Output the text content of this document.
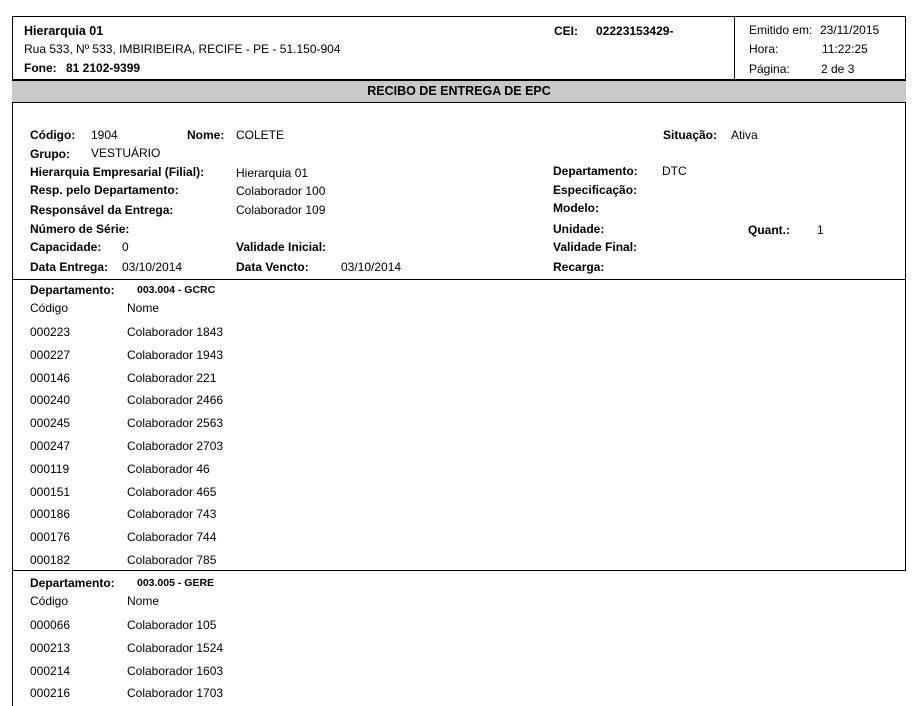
Hierarquia 01
Rua 533, Nº 533, IMBIRIBEIRA, RECIFE - PE - 51.150-904
Fone: 81 2102-9399
CEI: 02223153429-	Emitido em: 23/11/2015
Hora:	11:22:25
Página:	2 de 3
RECIBO DE ENTREGA DE EPC
Código: 1904	Nome: COLETE	Situação: Ativa
Grupo: VESTUÁRIO
Hierarquia Empresarial (Filial):	Hierarquia 01	Departamento: DTC
Resp. pelo Departamento:	Colaborador 100	Especificação:
Responsável da Entrega:	Colaborador 109	Modelo:
Número de Série:	Unidade:	Quant.: 1
Capacidade: 0	Validade Inicial:	Validade Final:
Data Entrega: 03/10/2014	Data Vencto:	03/10/2014	Recarga:
Departamento: 003.004 - GCRC
Código	Nome
000223	Colaborador 1843
000227	Colaborador 1943
000146	Colaborador 221
000240	Colaborador 2466
000245	Colaborador 2563
000247	Colaborador 2703
000119	Colaborador 46
000151	Colaborador 465
000186	Colaborador 743
000176	Colaborador 744
000182	Colaborador 785
Departamento: 003.005 - GERE
Código	Nome
000066	Colaborador 105
000213	Colaborador 1524
000214	Colaborador 1603
000216	Colaborador 1703
